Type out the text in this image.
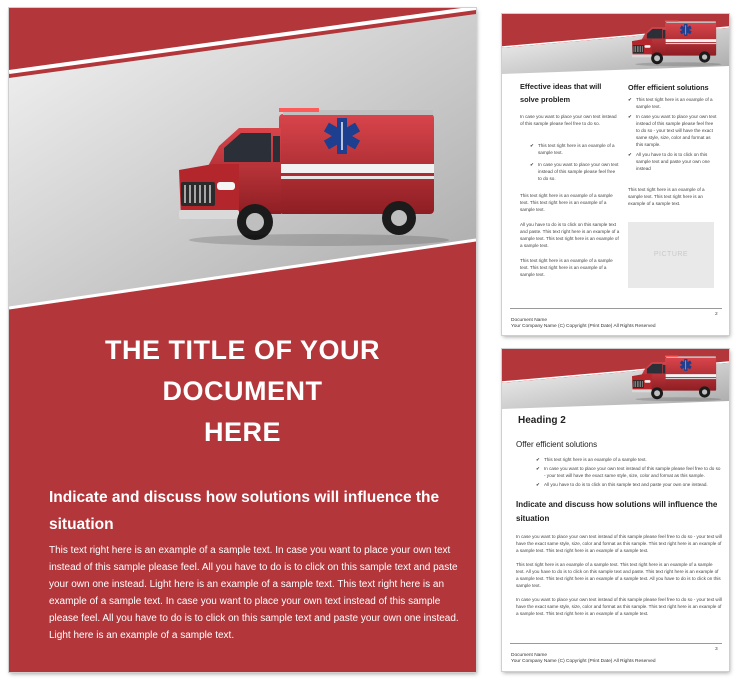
THE TITLE OF YOUR
DOCUMENT
HERE
Indicate and discuss how solutions will influence the situation
This text right here is an example of a sample text. In case you want to place your own text instead of this sample please feel. All you have to do is to click on this sample text and paste your own one instead. Light here is an example of a sample text. This text right here is an example of a sample text. In case you want to place your own text instead of this sample please feel. All you have to do is to click on this sample text and paste your own one instead. Light here is an example of a sample text.
Effective ideas that will solve problem
In case you want to place your own text instead of this sample please feel free to do so.
✔ This text right here is an example of a sample text.
✔ In case you want to place your own text instead of this sample please feel free to do so.
This text right here is an example of a sample text. This text right here is an example of a sample text.
All you have to do is to click on this sample text and paste. This text right here is an example of a sample text. This text right here is an example of a sample text.
This text right here is an example of a sample text. This text right here is an example of a sample text.
Offer efficient solutions
✔ This text right here is an example of a sample text.
✔ In case you want to place your own text instead of this sample please feel free to do so - your text will have the exact same style, size, color and format as this sample.
✔ All you have to do is to click on this sample text and paste your own one instead
This text right here is an example of a sample text. This text right here is an example of a sample text.
PICTURE
2
Document Name
Your Company Name (C) Copyright (Print Date) All Rights Reserved
Heading 2
Offer efficient solutions
✔ This text right here is an example of a sample text.
✔ In case you want to place your own text instead of this sample please feel free to do so - your text will have the exact same style, size, color and format as this sample.
✔ All you have to do is to click on this sample text and paste your own one instead.
Indicate and discuss how solutions will influence the situation
In case you want to place your own text instead of this sample please feel free to do so - your text will have the exact same style, size, color and format as this sample. This text right here is an example of a sample text. This text right here is an example of a sample text.
This text right here is an example of a sample text. This text right here is an example of a sample text. All you have to do is to click on this sample text and paste. This text right here is an example of a sample text. This text right here is an example of a sample text. All you have to do is to click on this sample text.
In case you want to place your own text instead of this sample please feel free to do so - your text will have the exact same style, size, color and format as this sample. This text right here is an example of a sample text. This text right here is an example of a sample text.
3
Document Name
Your Company Name (C) Copyright (Print Date) All Rights Reserved
